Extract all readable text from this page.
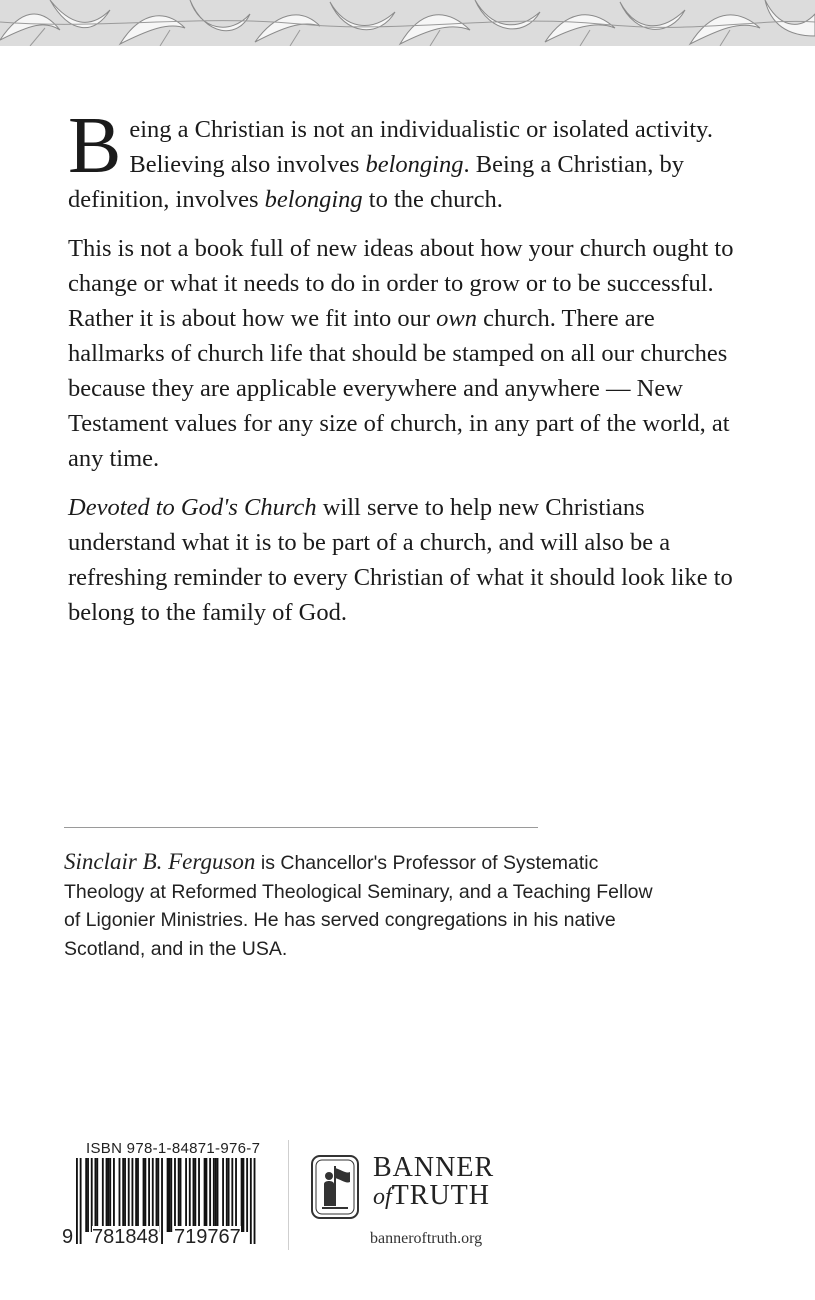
Being a Christian is not an individualistic or isolated activity. Believing also involves belonging. Being a Christian, by definition, involves belonging to the church.

This is not a book full of new ideas about how your church ought to change or what it needs to do in order to grow or to be successful. Rather it is about how we fit into our own church. There are hallmarks of church life that should be stamped on all our churches because they are applicable everywhere and anywhere — New Testament values for any size of church, in any part of the world, at any time.

Devoted to God's Church will serve to help new Christians understand what it is to be part of a church, and will also be a refreshing reminder to every Christian of what it should look like to belong to the family of God.

Sinclair B. Ferguson is Chancellor's Professor of Systematic Theology at Reformed Theological Seminary, and a Teaching Fellow of Ligonier Ministries. He has served congregations in his native Scotland, and in the USA.
ISBN 978-1-84871-976-7
9 781848 719767
BANNER
ofTRUTH
banneroftruth.org
